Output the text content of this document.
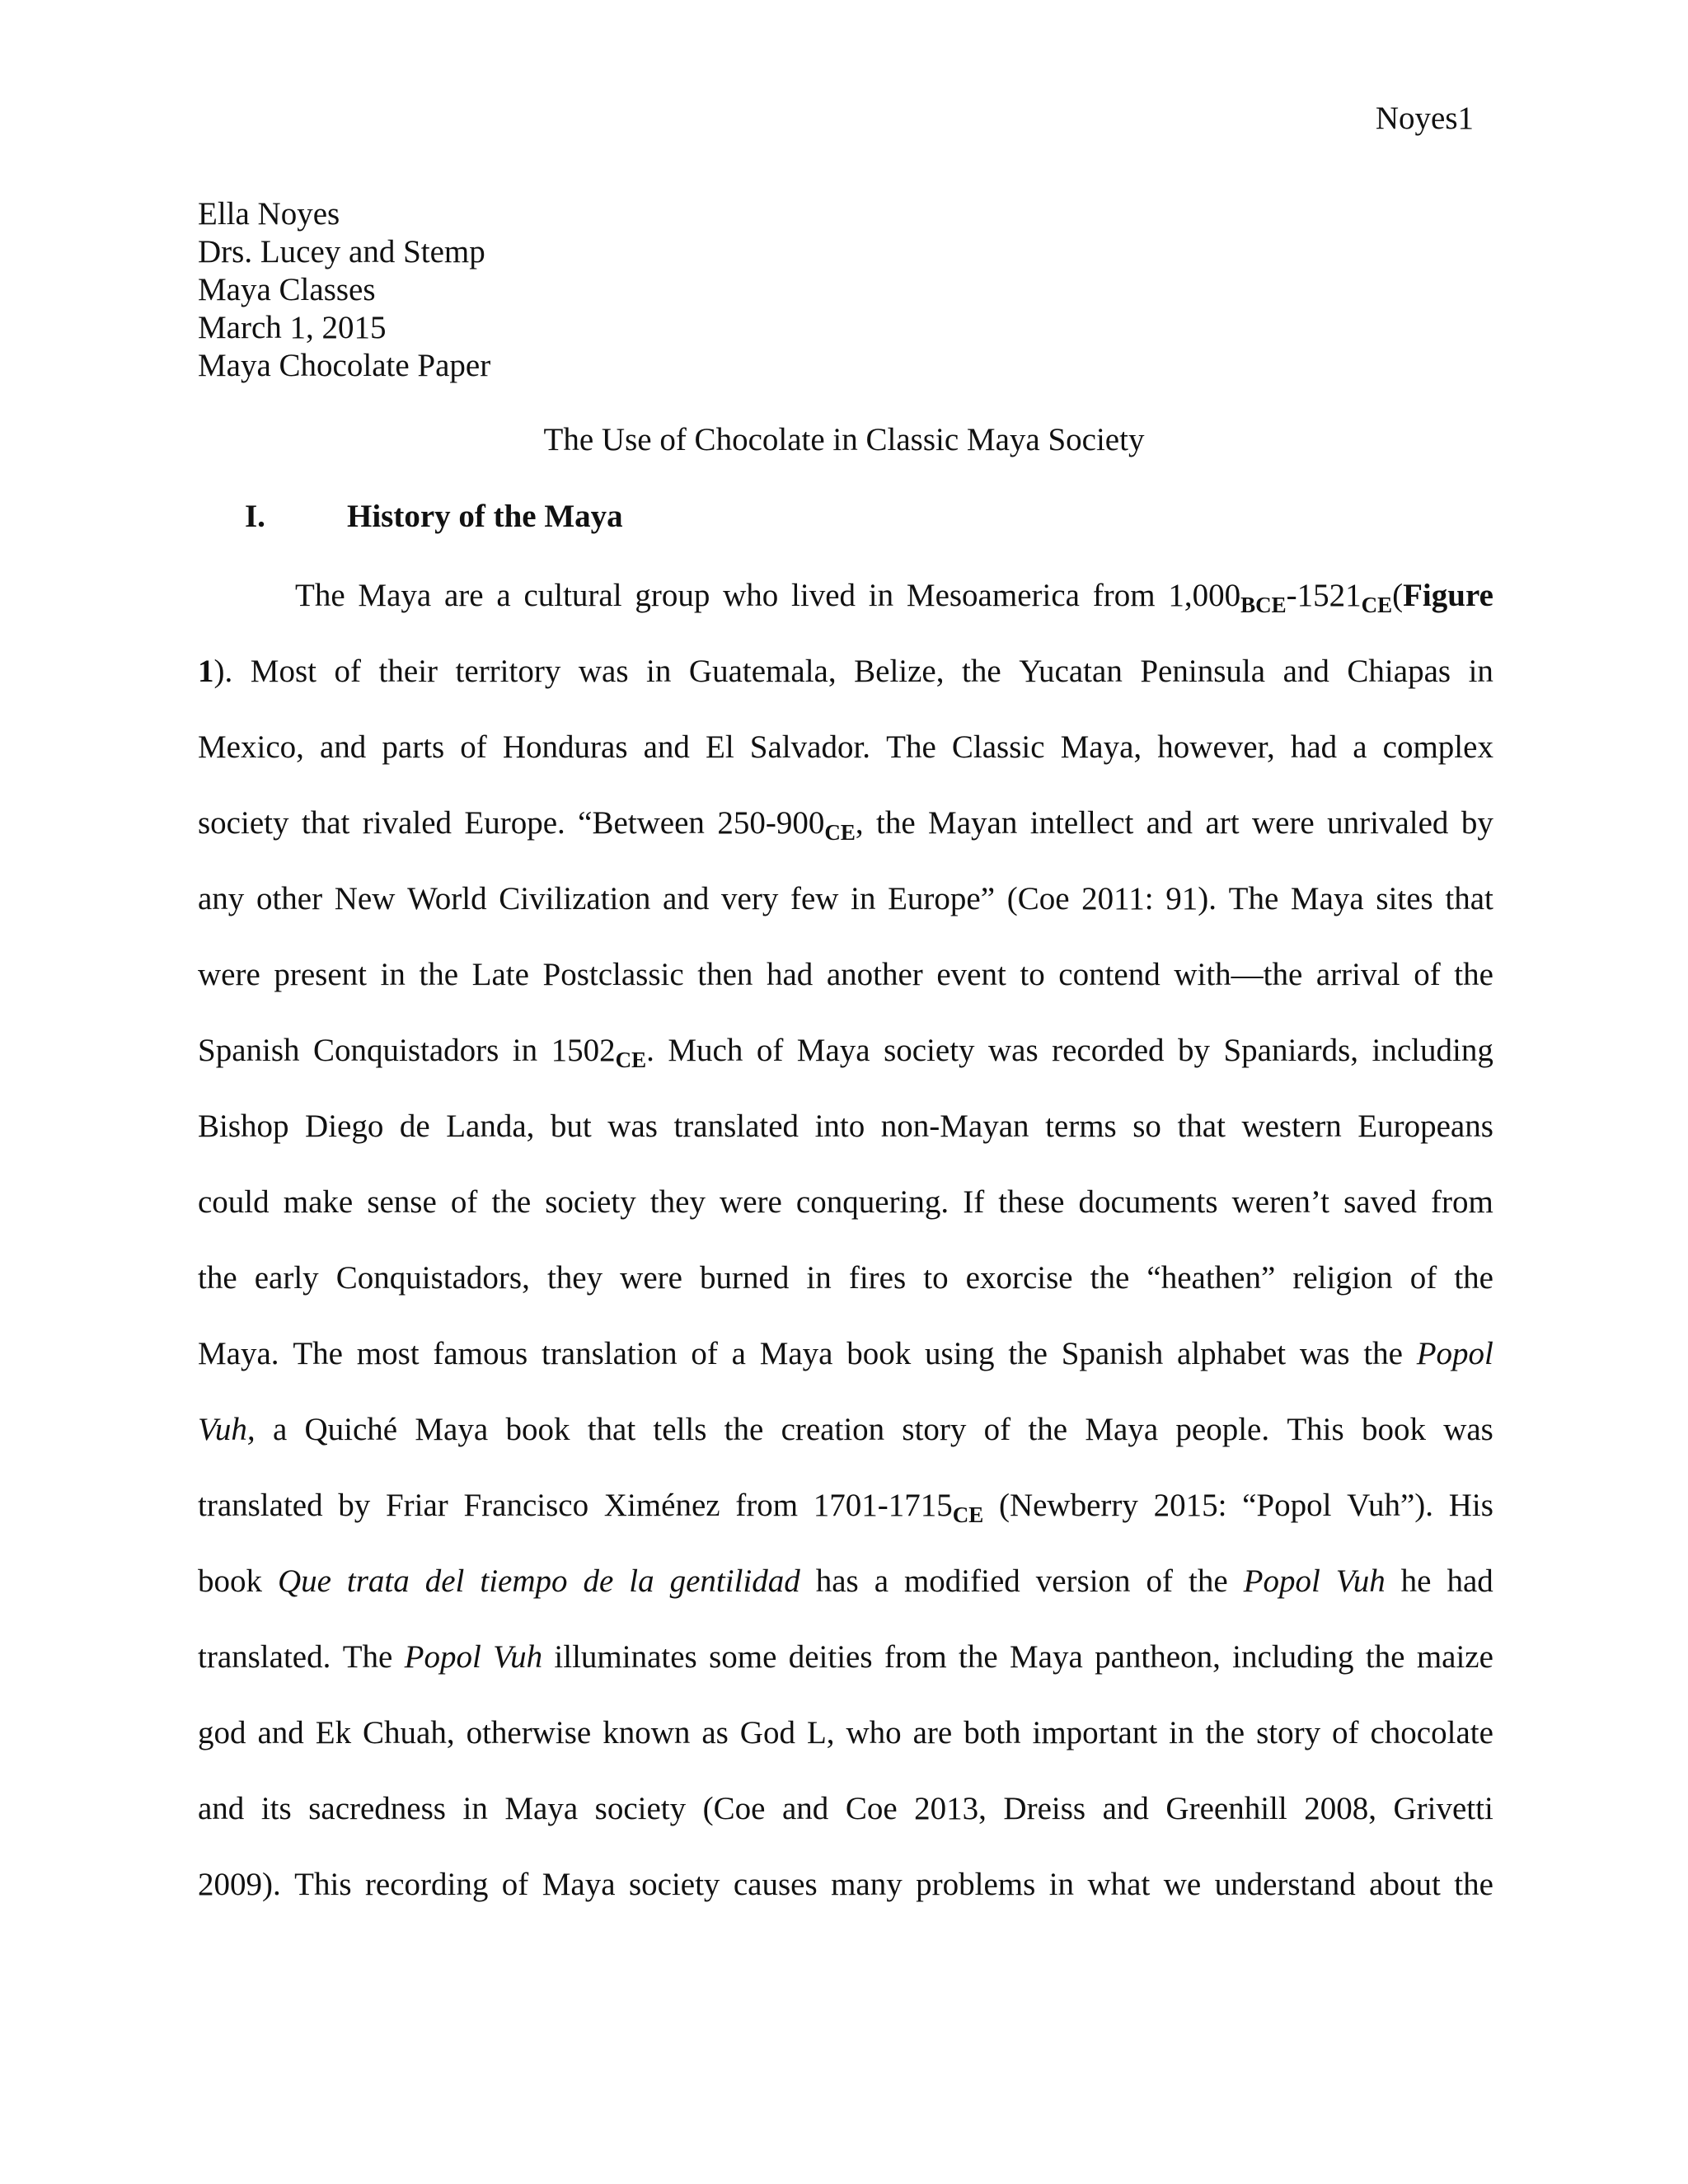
Noyes1
Ella Noyes
Drs. Lucey and Stemp
Maya Classes
March 1, 2015
Maya Chocolate Paper
The Use of Chocolate in Classic Maya Society
I.	History of the Maya
The Maya are a cultural group who lived in Mesoamerica from $1,000_{BCE}-1521_{CE}(Figure$
1). Most of their territory was in Guatemala, Belize, the Yucatan Peninsula and Chiapas in
Mexico, and parts of Honduras and El Salvador. The Classic Maya, however, had a complex
society that rivaled Europe. “Between $250-900_{CE}$, the Mayan intellect and art were unrivaled by
any other New World Civilization and very few in Europe” (Coe 2011: 91). The Maya sites that
were present in the Late Postclassic then had another event to contend with—the arrival of the
Spanish Conquistadors in $1502_{CE}$. Much of Maya society was recorded by Spaniards, including
Bishop Diego de Landa, but was translated into non-Mayan terms so that western Europeans
could make sense of the society they were conquering. If these documents weren’t saved from
the early Conquistadors, they were burned in fires to exorcise the “heathen” religion of the
Maya. The most famous translation of a Maya book using the Spanish alphabet was the Popol
Vuh, a Quiché Maya book that tells the creation story of the Maya people. This book was
translated by Friar Francisco Ximénez from $1701-1715_{CE}$ (Newberry 2015: “Popol Vuh”). His
book Que trata del tiempo de la gentilidad has a modified version of the Popol Vuh he had
translated. The Popol Vuh illuminates some deities from the Maya pantheon, including the maize
god and Ek Chuah, otherwise known as God L, who are both important in the story of chocolate
and its sacredness in Maya society (Coe and Coe 2013, Dreiss and Greenhill 2008, Grivetti
2009). This recording of Maya society causes many problems in what we understand about the
